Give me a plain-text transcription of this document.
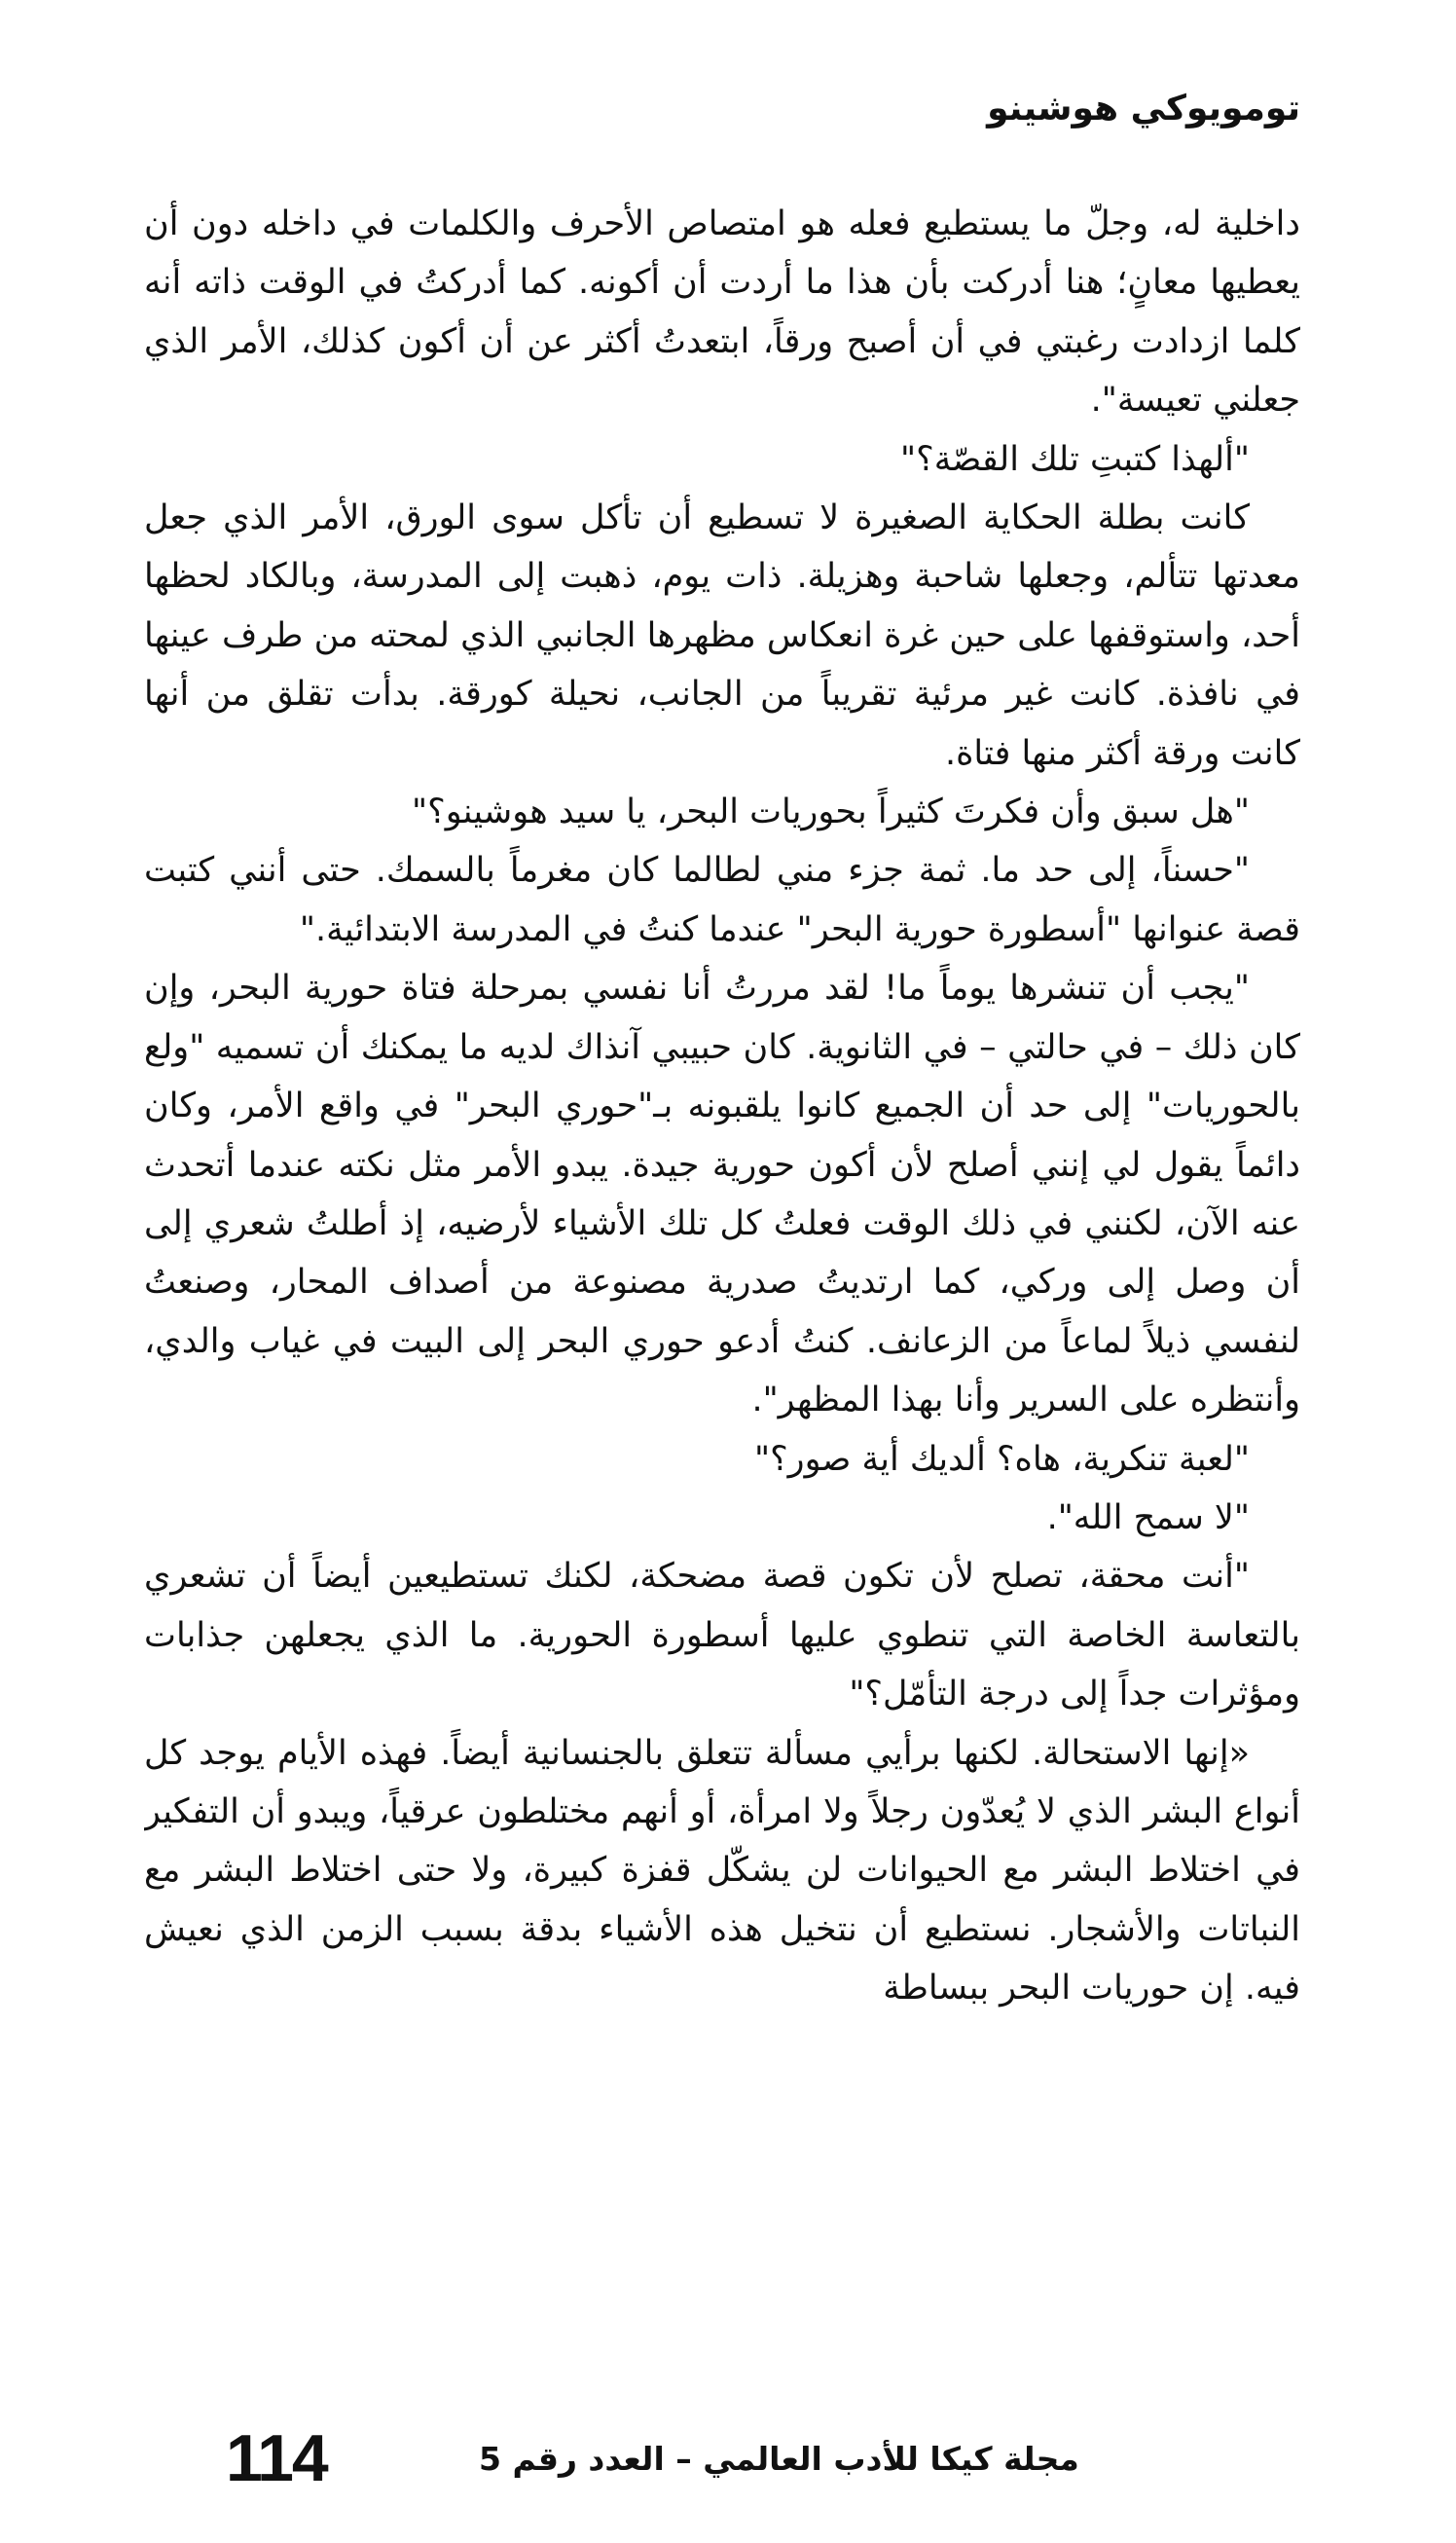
تومويوكي هوشينو

داخلية له، وجلّ ما يستطيع فعله هو امتصاص الأحرف والكلمات في داخله دون أن يعطيها معانٍ؛ هنا أدركت بأن هذا ما أردت أن أكونه. كما أدركتُ في الوقت ذاته أنه كلما ازدادت رغبتي في أن أصبح ورقاً، ابتعدتُ أكثر عن أن أكون كذلك، الأمر الذي جعلني تعيسة".

"ألهذا كتبتِ تلك القصّة؟"

كانت بطلة الحكاية الصغيرة لا تسطيع أن تأكل سوى الورق، الأمر الذي جعل معدتها تتألم، وجعلها شاحبة وهزيلة. ذات يوم، ذهبت إلى المدرسة، وبالكاد لحظها أحد، واستوقفها على حين غرة انعكاس مظهرها الجانبي الذي لمحته من طرف عينها في نافذة. كانت غير مرئية تقريباً من الجانب، نحيلة كورقة. بدأت تقلق من أنها كانت ورقة أكثر منها فتاة.

"هل سبق وأن فكرتَ كثيراً بحوريات البحر، يا سيد هوشينو؟"

"حسناً، إلى حد ما. ثمة جزء مني لطالما كان مغرماً بالسمك. حتى أنني كتبت قصة عنوانها "أسطورة حورية البحر" عندما كنتُ في المدرسة الابتدائية."

"يجب أن تنشرها يوماً ما! لقد مررتُ أنا نفسي بمرحلة فتاة حورية البحر، وإن كان ذلك – في حالتي – في الثانوية. كان حبيبي آنذاك لديه ما يمكنك أن تسميه "ولع بالحوريات" إلى حد أن الجميع كانوا يلقبونه بـ"حوري البحر" في واقع الأمر، وكان دائماً يقول لي إنني أصلح لأن أكون حورية جيدة. يبدو الأمر مثل نكته عندما أتحدث عنه الآن، لكنني في ذلك الوقت فعلتُ كل تلك الأشياء لأرضيه، إذ أطلتُ شعري إلى أن وصل إلى وركي، كما ارتديتُ صدرية مصنوعة من أصداف المحار، وصنعتُ لنفسي ذيلاً لماعاً من الزعانف. كنتُ أدعو حوري البحر إلى البيت في غياب والدي، وأنتظره على السرير وأنا بهذا المظهر".

"لعبة تنكرية، هاه؟ ألديك أية صور؟"

"لا سمح الله".

"أنت محقة، تصلح لأن تكون قصة مضحكة، لكنك تستطيعين أيضاً أن تشعري بالتعاسة الخاصة التي تنطوي عليها أسطورة الحورية. ما الذي يجعلهن جذابات ومؤثرات جداً إلى درجة التأمّل؟"

«إنها الاستحالة. لكنها برأيي مسألة تتعلق بالجنسانية أيضاً. فهذه الأيام يوجد كل أنواع البشر الذي لا يُعدّون رجلاً ولا امرأة، أو أنهم مختلطون عرقياً، ويبدو أن التفكير في اختلاط البشر مع الحيوانات لن يشكّل قفزة كبيرة، ولا حتى اختلاط البشر مع النباتات والأشجار. نستطيع أن نتخيل هذه الأشياء بدقة بسبب الزمن الذي نعيش فيه. إن حوريات البحر ببساطة

114	مجلة كيكا للأدب العالمي – العدد رقم 5
